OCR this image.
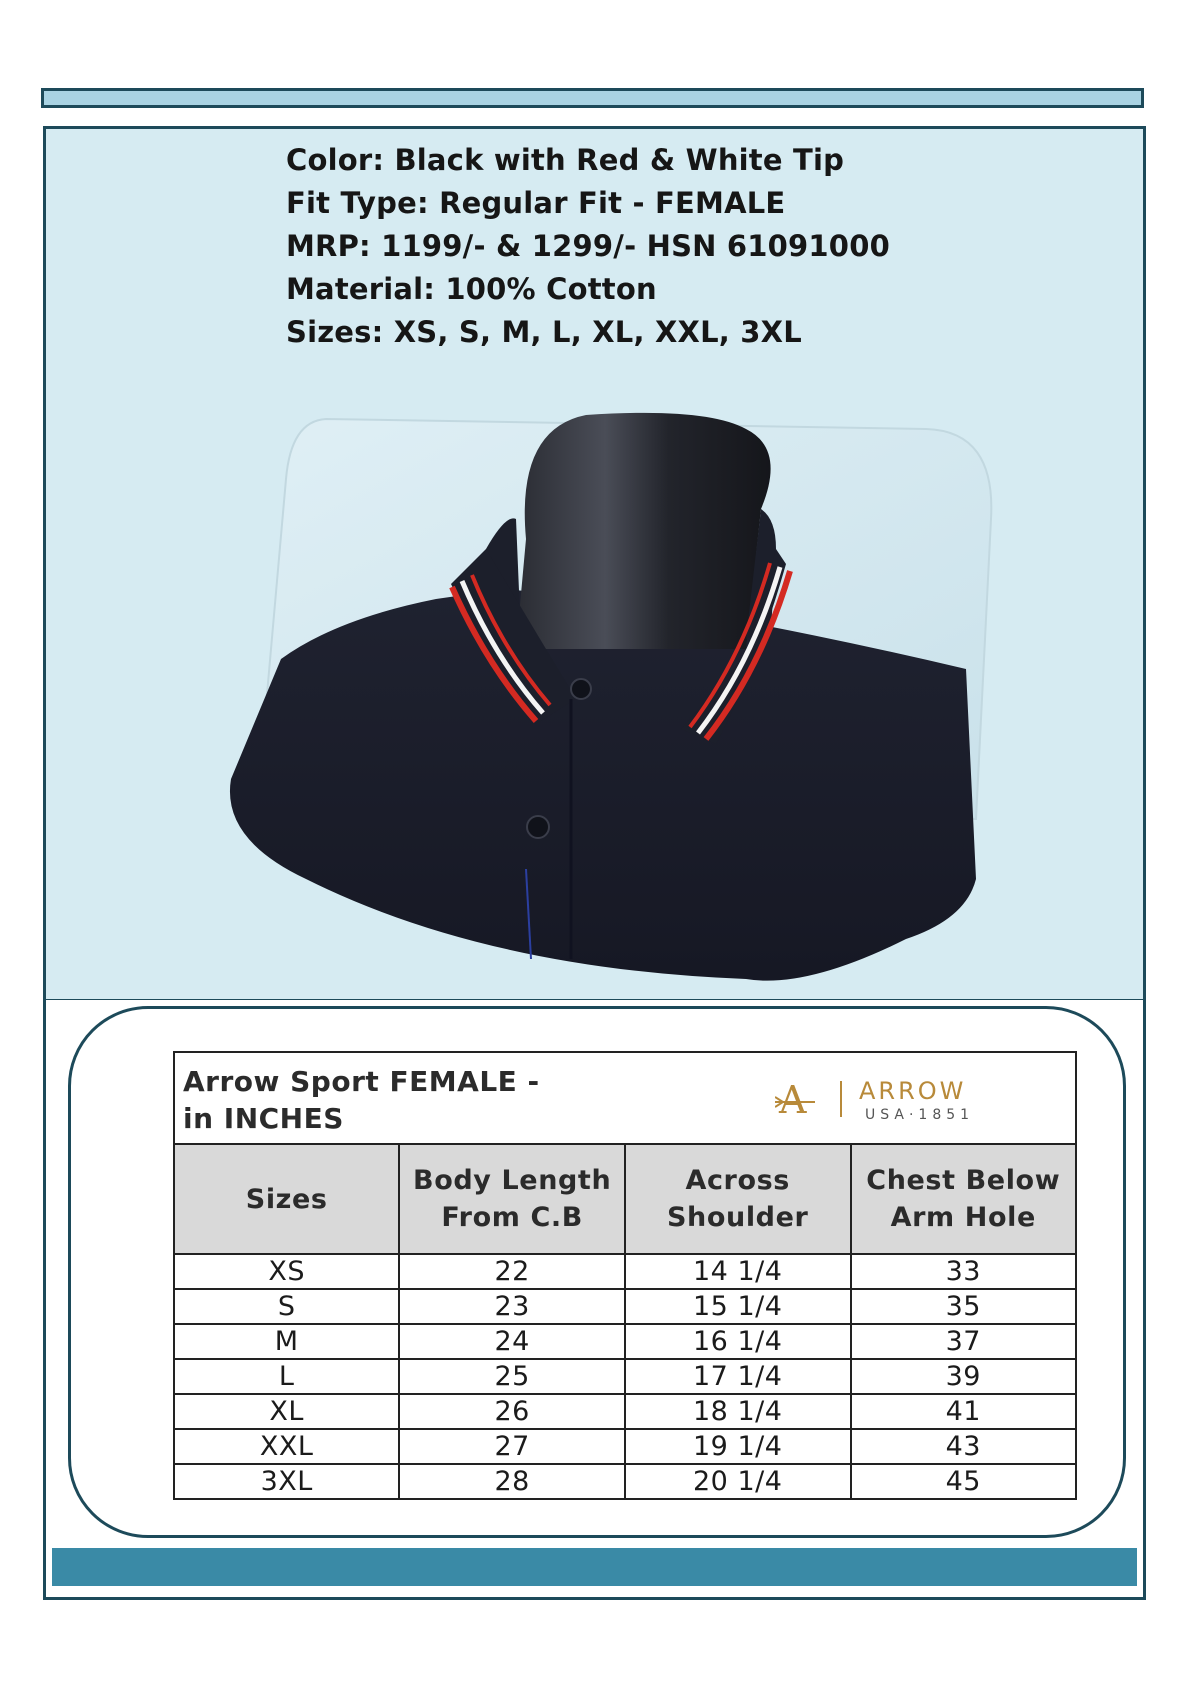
Color: Black with Red & White Tip
Fit Type: Regular Fit - FEMALE
MRP: 1199/- & 1299/- HSN 61091000
Material: 100% Cotton
Sizes: XS, S, M, L, XL, XXL, 3XL
Arrow Sport FEMALE -
in INCHES A ARROW
USA·1851			

Sizes	Body Length From C.B	Across Shoulder	Chest Below Arm Hole
XS	22	14 1/4	33
S	23	15 1/4	35
M	24	16 1/4	37
L	25	17 1/4	39
XL	26	18 1/4	41
XXL	27	19 1/4	43
3XL	28	20 1/4	45
